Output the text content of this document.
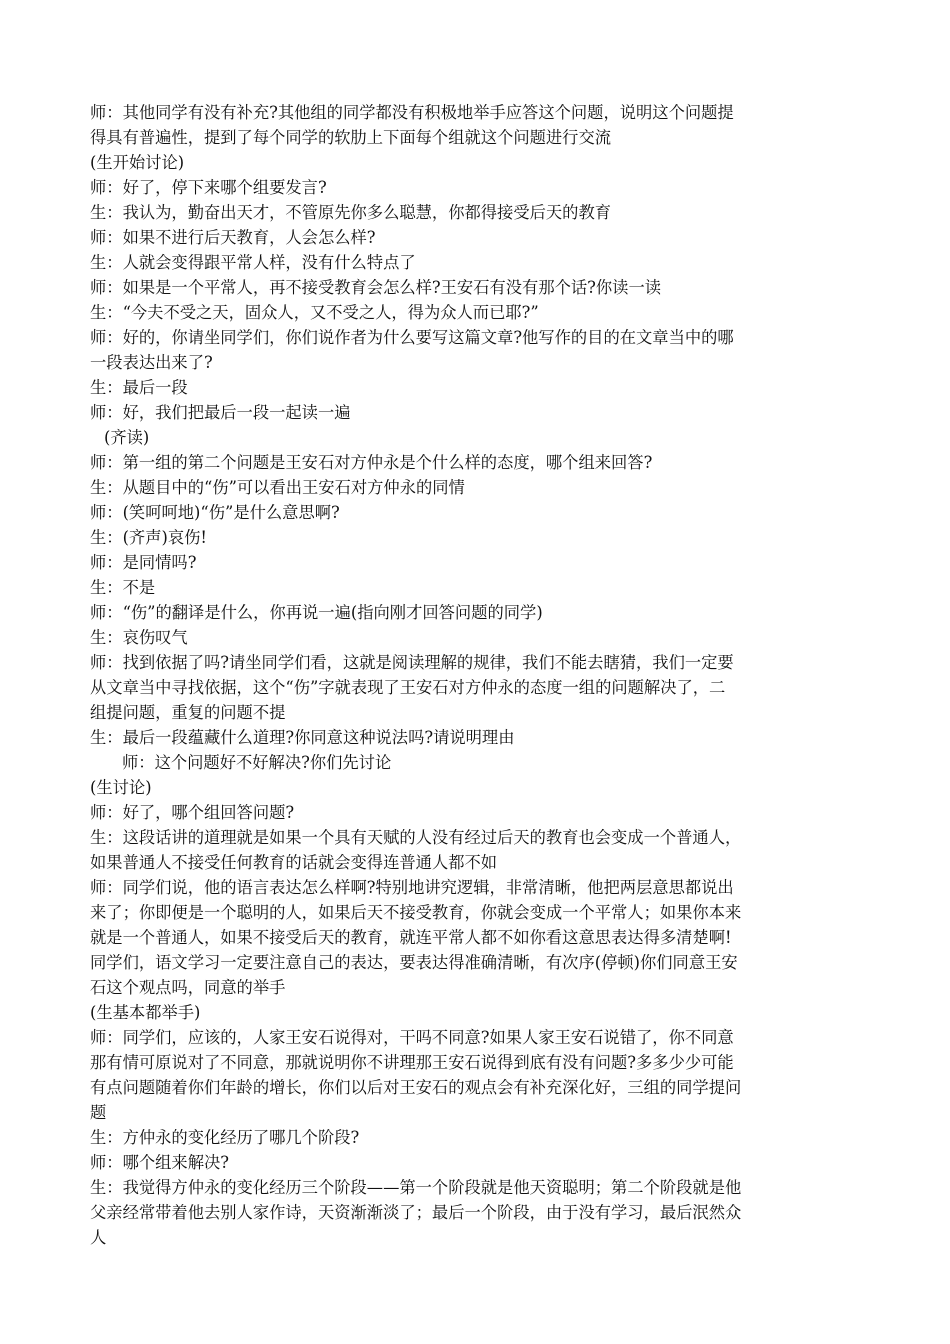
师：其他同学有没有补充?其他组的同学都没有积极地举手应答这个问题，说明这个问题提
得具有普遍性，提到了每个同学的软肋上下面每个组就这个问题进行交流
(生开始讨论)
师：好了，停下来哪个组要发言?
生：我认为，勤奋出天才，不管原先你多么聪慧，你都得接受后天的教育
师：如果不进行后天教育，人会怎么样?
生：人就会变得跟平常人样，没有什么特点了
师：如果是一个平常人，再不接受教育会怎么样?王安石有没有那个话?你读一读
生：“今夫不受之天，固众人，又不受之人，得为众人而已耶?”
师：好的，你请坐同学们，你们说作者为什么要写这篇文章?他写作的目的在文章当中的哪
一段表达出来了?
生：最后一段
师：好，我们把最后一段一起读一遍
(齐读)
师：第一组的第二个问题是王安石对方仲永是个什么样的态度，哪个组来回答?
生：从题目中的“伤”可以看出王安石对方仲永的同情
师：(笑呵呵地)“伤”是什么意思啊?
生：(齐声)哀伤!
师：是同情吗?
生：不是
师：“伤”的翻译是什么，你再说一遍(指向刚才回答问题的同学)
生：哀伤叹气
师：找到依据了吗?请坐同学们看，这就是阅读理解的规律，我们不能去瞎猜，我们一定要
从文章当中寻找依据，这个“伤”字就表现了王安石对方仲永的态度一组的问题解决了，二
组提问题，重复的问题不提
生：最后一段蕴藏什么道理?你同意这种说法吗?请说明理由
师：这个问题好不好解决?你们先讨论
(生讨论)
师：好了，哪个组回答问题?
生：这段话讲的道理就是如果一个具有天赋的人没有经过后天的教育也会变成一个普通人，
如果普通人不接受任何教育的话就会变得连普通人都不如
师：同学们说，他的语言表达怎么样啊?特别地讲究逻辑，非常清晰，他把两层意思都说出
来了；你即便是一个聪明的人，如果后天不接受教育，你就会变成一个平常人；如果你本来
就是一个普通人，如果不接受后天的教育，就连平常人都不如你看这意思表达得多清楚啊!
同学们，语文学习一定要注意自己的表达，要表达得准确清晰，有次序(停顿)你们同意王安
石这个观点吗，同意的举手
(生基本都举手)
师：同学们，应该的，人家王安石说得对，干吗不同意?如果人家王安石说错了，你不同意
那有情可原说对了不同意，那就说明你不讲理那王安石说得到底有没有问题?多多少少可能
有点问题随着你们年龄的增长，你们以后对王安石的观点会有补充深化好，三组的同学提问
题
生：方仲永的变化经历了哪几个阶段?
师：哪个组来解决?
生：我觉得方仲永的变化经历三个阶段——第一个阶段就是他天资聪明；第二个阶段就是他
父亲经常带着他去别人家作诗，天资渐渐淡了；最后一个阶段，由于没有学习，最后泯然众
人
